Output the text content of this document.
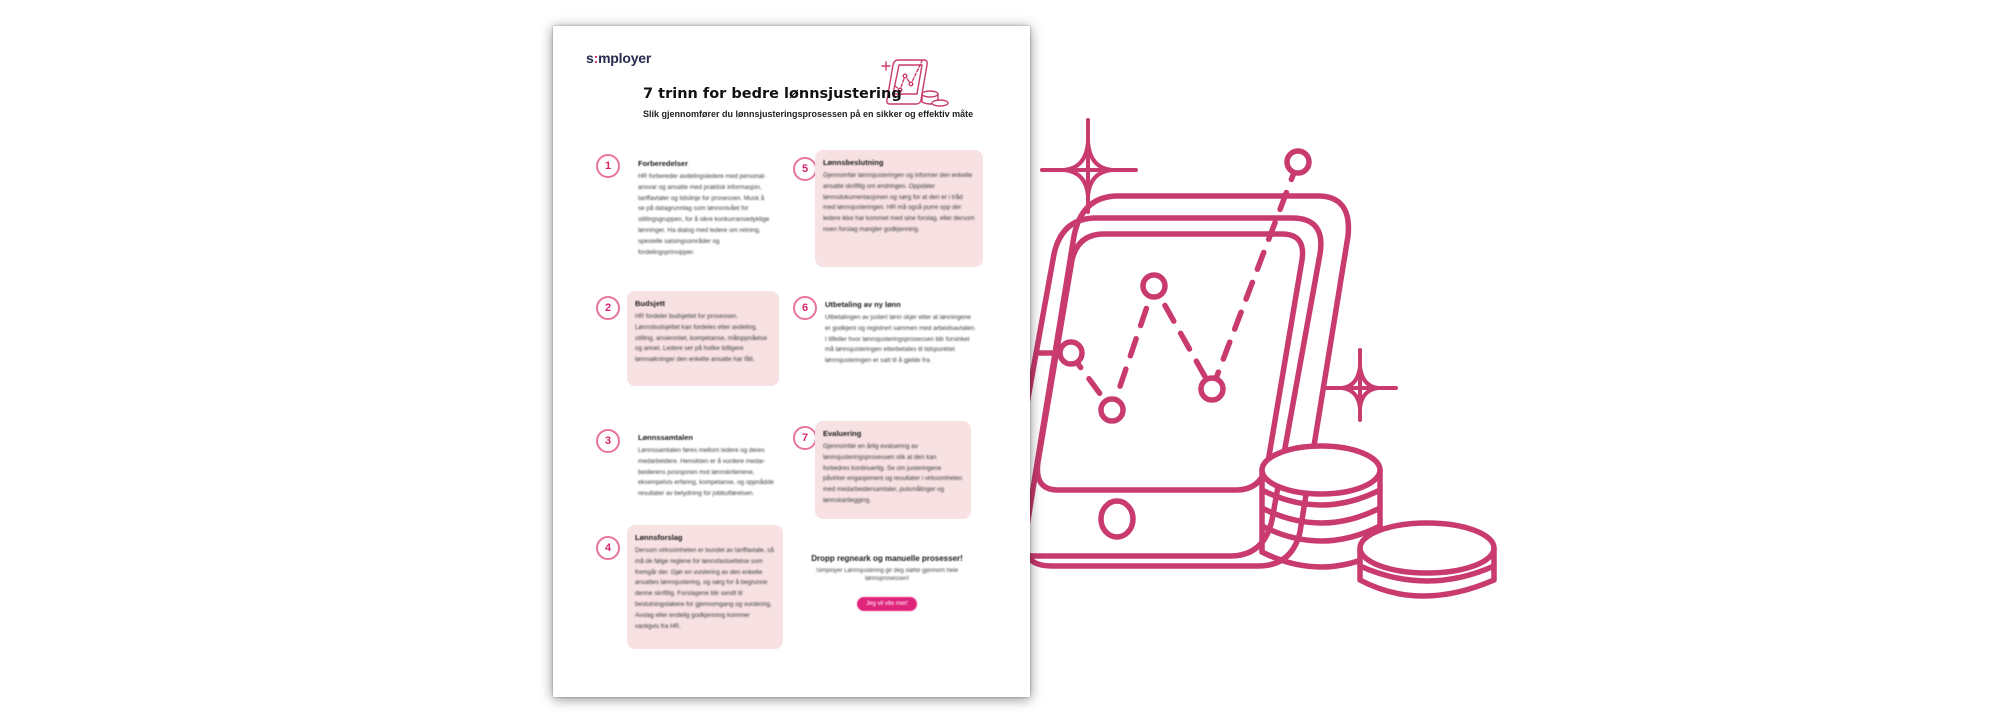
s:mployer
7 trinn for bedre lønnsjustering
Slik gjennomfører du lønnsjusteringsprosessen på en sikker og effektiv måte
1	Forberedelser

HR forbereder avdelingsledere med personalansvar og ansatte med praktisk informasjon, tariffavtaler og tidslinje for prosessen. Musk å se på datagrunnlag som lønnsnivået for stillingsgruppen, for å sikre konkurransedyktige lønninger. Ha dialog med ledere om retning, spesielle satsingsområder og fordelingsprinsipper.

2	Budsjett

HR fordeler budsjettet for prosessen. Lønnsbudsjettet kan fordeles etter avdeling, stilling, ansiennitet, kompetanse, måloppnåelse og annet. Ledere ser på hvilke tidligere lønnsøkninger den enkelte ansatte har fått.

3	Lønnssamtalen

Lønnssamtalen føres mellom ledere og deres medarbeidere. Hensikten er å vurdere medarbeiderens posisjonen mot lønnskriteriene, eksempelvis erfaring, kompetanse, og oppnådde resultater av betydning for jobbutførelsen.

4
Lønnsforslag

Dersom virksomheten er bundet av tariffavtale, så må de følge reglene for lønnsfastsettelse som fremgår der. Gjør en vurdering av den enkelte ansattes lønnsjustering, og sørg for å begrunne denne skriftlig. Forslagene blir sendt til beslutningstakere for gjennomgang og vurdering. Avslag eller endelig godkjenning kommer vanligvis fra HR.

5
Lønnsbeslutning

Gjennomfør lønnsjusteringen og informer den enkelte ansatte skriftlig om endringen. Oppdater lønnsdokumentasjonen og sørg for at den er i tråd med lønnsjusteringen. HR må også purre opp der ledere ikke har kommet med sine forslag, eller dersom noen forslag mangler godkjenning.

6	Utbetaling av ny lønn

Utbetalingen av justert lønn skjer etter at lønningene er godkjent og registrert sammen med arbeidsavtalen. I tilfeller hvor lønnsjusteringsprosessen blir forsinket må lønnsjusteringen etterbetales til tidspunktet lønnsjusteringen er satt til å gjelde fra.

7	Evaluering

Gjennomfør en årlig evaluering av lønnsjusteringsprosessen slik at den kan forbedres kontinuerlig. Se om justeringene påvirker engasjement og resultater i virksomheten med medarbeidersamtaler, pulsmålinger og lønnskartlegging.

Dropp regneark og manuelle prosesser!

Simployer Lønnsjustering gir deg støtte gjennom hele lønnsprosessen!

Jeg vil vite mer!
